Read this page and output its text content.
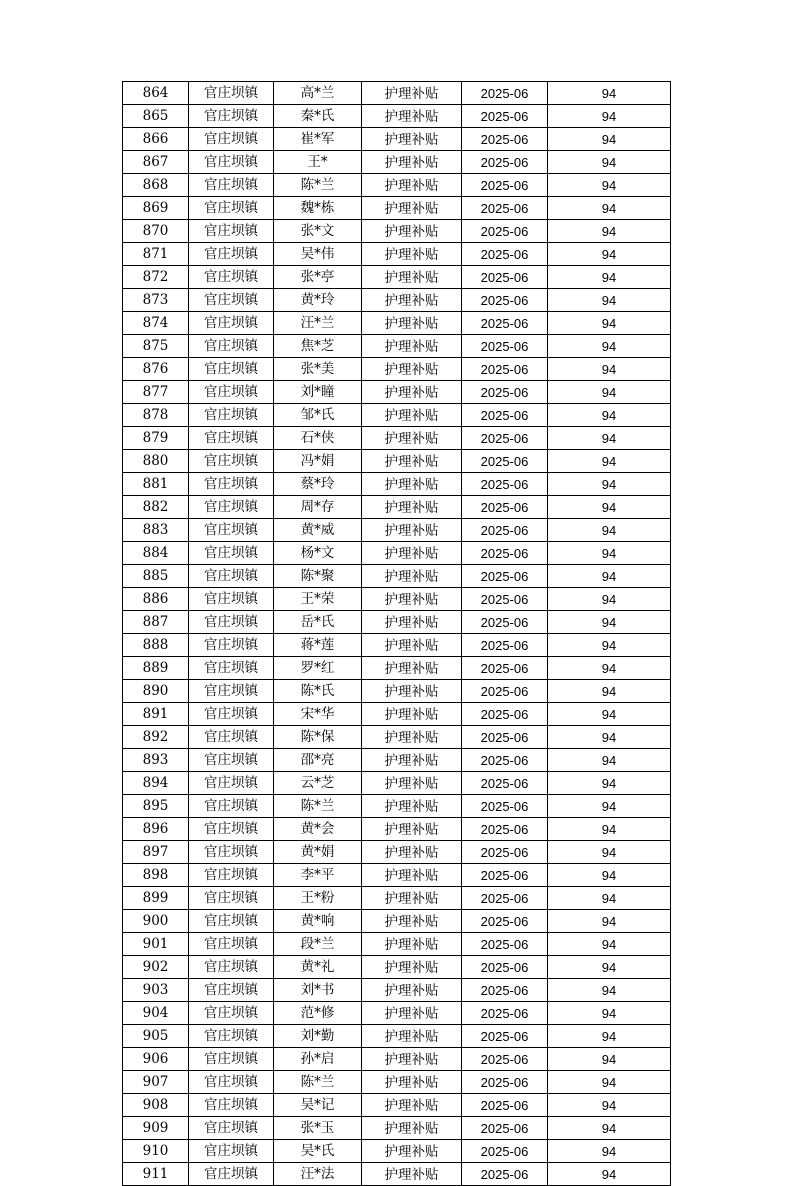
864	官庄坝镇	高*兰	护理补贴	2025-06	94
865	官庄坝镇	秦*氏	护理补贴	2025-06	94
866	官庄坝镇	崔*军	护理补贴	2025-06	94
867	官庄坝镇	王*	护理补贴	2025-06	94
868	官庄坝镇	陈*兰	护理补贴	2025-06	94
869	官庄坝镇	魏*栋	护理补贴	2025-06	94
870	官庄坝镇	张*文	护理补贴	2025-06	94
871	官庄坝镇	吴*伟	护理补贴	2025-06	94
872	官庄坝镇	张*亭	护理补贴	2025-06	94
873	官庄坝镇	黄*玲	护理补贴	2025-06	94
874	官庄坝镇	汪*兰	护理补贴	2025-06	94
875	官庄坝镇	焦*芝	护理补贴	2025-06	94
876	官庄坝镇	张*美	护理补贴	2025-06	94
877	官庄坝镇	刘*瞳	护理补贴	2025-06	94
878	官庄坝镇	邹*氏	护理补贴	2025-06	94
879	官庄坝镇	石*侠	护理补贴	2025-06	94
880	官庄坝镇	冯*娟	护理补贴	2025-06	94
881	官庄坝镇	蔡*玲	护理补贴	2025-06	94
882	官庄坝镇	周*存	护理补贴	2025-06	94
883	官庄坝镇	黄*威	护理补贴	2025-06	94
884	官庄坝镇	杨*文	护理补贴	2025-06	94
885	官庄坝镇	陈*聚	护理补贴	2025-06	94
886	官庄坝镇	王*荣	护理补贴	2025-06	94
887	官庄坝镇	岳*氏	护理补贴	2025-06	94
888	官庄坝镇	蒋*莲	护理补贴	2025-06	94
889	官庄坝镇	罗*红	护理补贴	2025-06	94
890	官庄坝镇	陈*氏	护理补贴	2025-06	94
891	官庄坝镇	宋*华	护理补贴	2025-06	94
892	官庄坝镇	陈*保	护理补贴	2025-06	94
893	官庄坝镇	邵*亮	护理补贴	2025-06	94
894	官庄坝镇	云*芝	护理补贴	2025-06	94
895	官庄坝镇	陈*兰	护理补贴	2025-06	94
896	官庄坝镇	黄*会	护理补贴	2025-06	94
897	官庄坝镇	黄*娟	护理补贴	2025-06	94
898	官庄坝镇	李*平	护理补贴	2025-06	94
899	官庄坝镇	王*粉	护理补贴	2025-06	94
900	官庄坝镇	黄*响	护理补贴	2025-06	94
901	官庄坝镇	段*兰	护理补贴	2025-06	94
902	官庄坝镇	黄*礼	护理补贴	2025-06	94
903	官庄坝镇	刘*书	护理补贴	2025-06	94
904	官庄坝镇	范*修	护理补贴	2025-06	94
905	官庄坝镇	刘*勤	护理补贴	2025-06	94
906	官庄坝镇	孙*启	护理补贴	2025-06	94
907	官庄坝镇	陈*兰	护理补贴	2025-06	94
908	官庄坝镇	吴*记	护理补贴	2025-06	94
909	官庄坝镇	张*玉	护理补贴	2025-06	94
910	官庄坝镇	吴*氏	护理补贴	2025-06	94
911	官庄坝镇	汪*法	护理补贴	2025-06	94
